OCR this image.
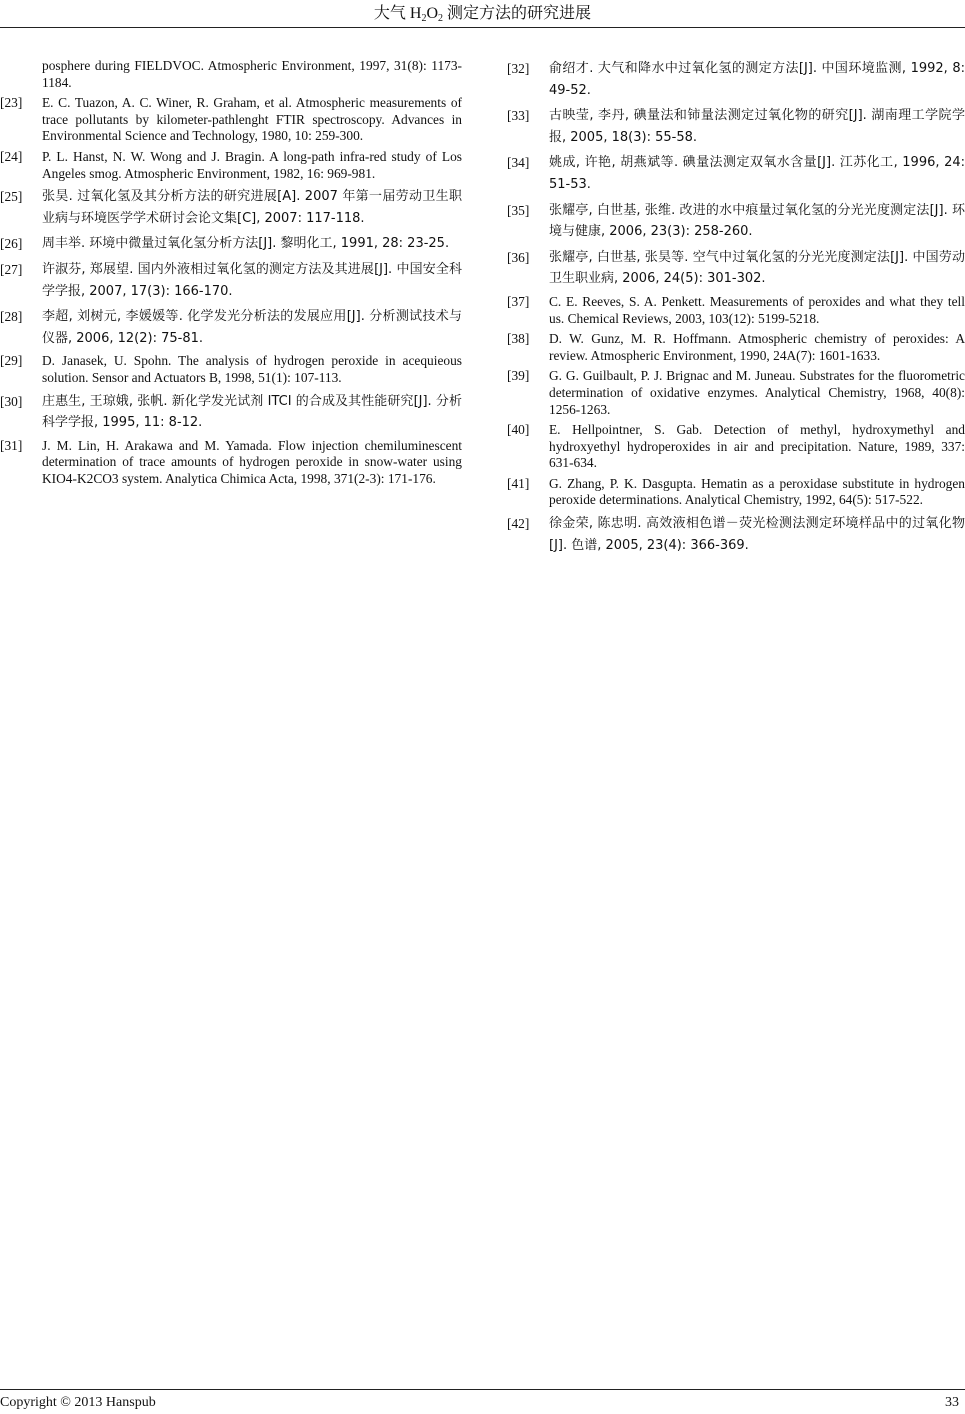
大气 $H_2O_2$ 测定方法的研究进展
posphere during FIELDVOC. Atmospheric Environment, 1997, 31(8): 1173-1184.
[23]	E. C. Tuazon, A. C. Winer, R. Graham, et al. Atmospheric measurements of trace pollutants by kilometer-pathlenght FTIR spectroscopy. Advances in Environmental Science and Technology, 1980, 10: 259-300.
[24]	P. L. Hanst, N. W. Wong and J. Bragin. A long-path infra-red study of Los Angeles smog. Atmospheric Environment, 1982, 16: 969-981.
[25]	张昊. 过氧化氢及其分析方法的研究进展[A]. 2007 年第一届劳动卫生职业病与环境医学学术研讨会论文集[C], 2007: 117-118.
[26]	周丰举. 环境中微量过氧化氢分析方法[J]. 黎明化工, 1991, 28: 23-25.
[27]	许淑芬, 郑展望. 国内外液相过氧化氢的测定方法及其进展[J]. 中国安全科学学报, 2007, 17(3): 166-170.
[28]	李超, 刘树元, 李媛媛等. 化学发光分析法的发展应用[J]. 分析测试技术与仪器, 2006, 12(2): 75-81.
[29]	D. Janasek, U. Spohn. The analysis of hydrogen peroxide in acequieous solution. Sensor and Actuators B, 1998, 51(1): 107-113.
[30]	庄惠生, 王琼娥, 张帆. 新化学发光试剂 ITCI 的合成及其性能研究[J]. 分析科学学报, 1995, 11: 8-12.
[31]	J. M. Lin, H. Arakawa and M. Yamada. Flow injection chemiluminescent determination of trace amounts of hydrogen peroxide in snow-water using KIO4-K2CO3 system. Analytica Chimica Acta, 1998, 371(2-3): 171-176.
[32]	俞绍才. 大气和降水中过氧化氢的测定方法[J]. 中国环境监测, 1992, 8: 49-52.
[33]	古映莹, 李丹, 碘量法和铈量法测定过氧化物的研究[J]. 湖南理工学院学报, 2005, 18(3): 55-58.
[34]	姚成, 许艳, 胡燕斌等. 碘量法测定双氧水含量[J]. 江苏化工, 1996, 24: 51-53.
[35]	张耀亭, 白世基, 张维. 改进的水中痕量过氧化氢的分光光度测定法[J]. 环境与健康, 2006, 23(3): 258-260.
[36]	张耀亭, 白世基, 张昊等. 空气中过氧化氢的分光光度测定法[J]. 中国劳动卫生职业病, 2006, 24(5): 301-302.
[37]	C. E. Reeves, S. A. Penkett. Measurements of peroxides and what they tell us. Chemical Reviews, 2003, 103(12): 5199-5218.
[38]	D. W. Gunz, M. R. Hoffmann. Atmospheric chemistry of peroxides: A review. Atmospheric Environment, 1990, 24A(7): 1601-1633.
[39]	G. G. Guilbault, P. J. Brignac and M. Juneau. Substrates for the fluorometric determination of oxidative enzymes. Analytical Chemistry, 1968, 40(8): 1256-1263.
[40]	E. Hellpointner, S. Gab. Detection of methyl, hydroxymethyl and hydroxyethyl hydroperoxides in air and precipitation. Nature, 1989, 337: 631-634.
[41]	G. Zhang, P. K. Dasgupta. Hematin as a peroxidase substitute in hydrogen peroxide determinations. Analytical Chemistry, 1992, 64(5): 517-522.
[42]	徐金荣, 陈忠明. 高效液相色谱－荧光检测法测定环境样品中的过氧化物[J]. 色谱, 2005, 23(4): 366-369.
Copyright © 2013 Hanspub	33
